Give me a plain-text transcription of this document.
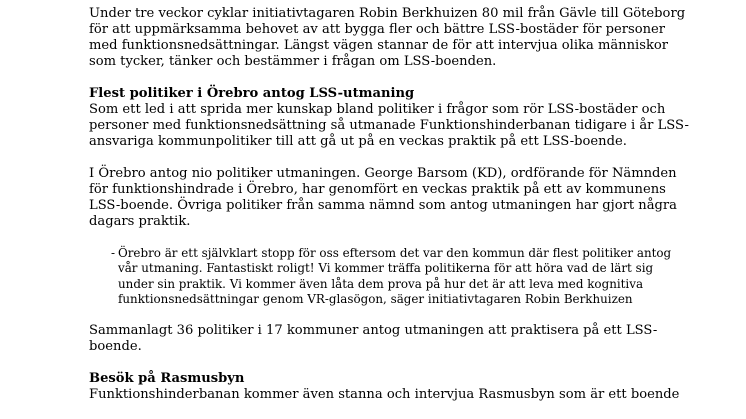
Under tre veckor cyklar initiativtagaren Robin Berkhuizen 80 mil från Gävle till Göteborg för att uppmärksamma behovet av att bygga fler och bättre LSS-bostäder för personer med funktionsnedsättningar. Längst vägen stannar de för att intervjua olika människor som tycker, tänker och bestämmer i frågan om LSS-boenden.

Flest politiker i Örebro antog LSS-utmaning

Som ett led i att sprida mer kunskap bland politiker i frågor som rör LSS-bostäder och personer med funktionsnedsättning så utmanade Funktionshinderbanan tidigare i år LSS-ansvariga kommunpolitiker till att gå ut på en veckas praktik på ett LSS-boende.

I Örebro antog nio politiker utmaningen. George Barsom (KD), ordförande för Nämnden för funktionshindrade i Örebro, har genomfört en veckas praktik på ett av kommunens LSS-boende. Övriga politiker från samma nämnd som antog utmaningen har gjort några dagars praktik.

- Örebro är ett självklart stopp för oss eftersom det var den kommun där flest politiker antog vår utmaning. Fantastiskt roligt! Vi kommer träffa politikerna för att höra vad de lärt sig under sin praktik. Vi kommer även låta dem prova på hur det är att leva med kognitiva funktionsnedsättningar genom VR-glasögon, säger initiativtagaren Robin Berkhuizen

Sammanlagt 36 politiker i 17 kommuner antog utmaningen att praktisera på ett LSS-boende.

Besök på Rasmusbyn

Funktionshinderbanan kommer även stanna och intervjua Rasmusbyn som är ett boende
